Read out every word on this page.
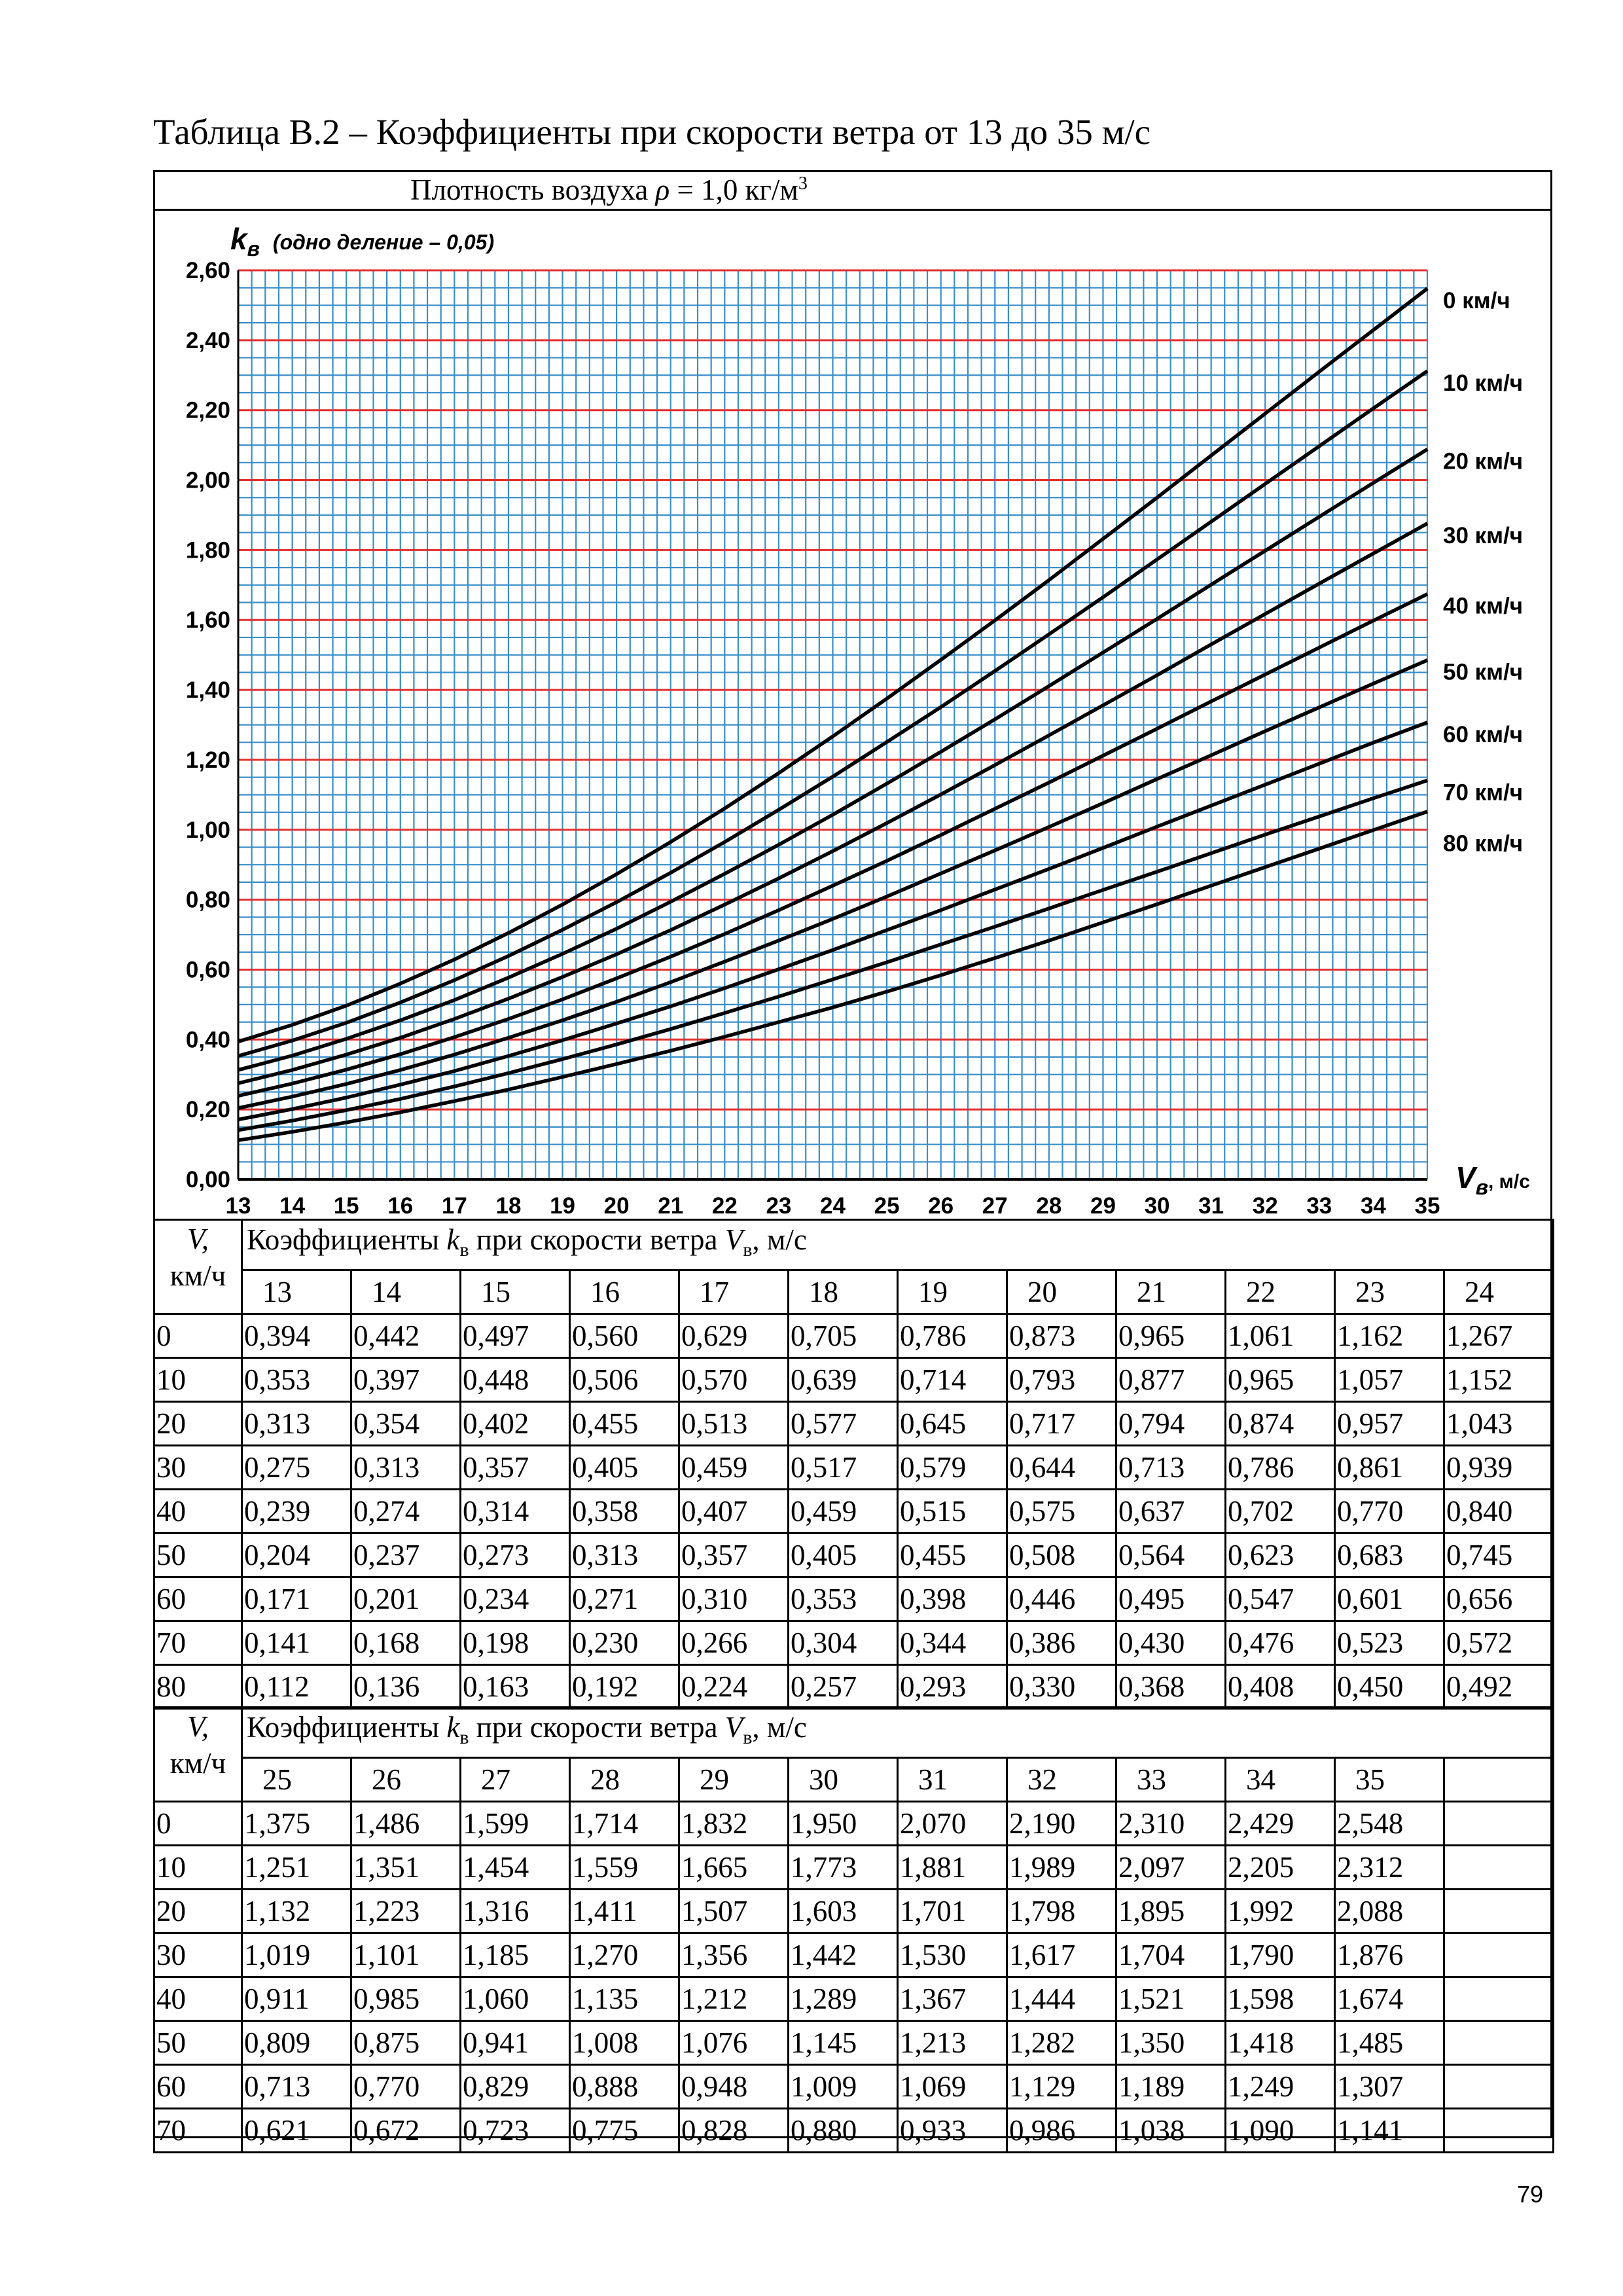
Таблица В.2 – Коэффициенты при скорости ветра от 13 до 35 м/с
Плотность воздуха ρ = 1,0 $кг/м^3$
0,00
0,20
0,40
0,60
0,80
1,00
1,20
1,40
1,60
1,80
2,00
2,20
2,40
2,60
13 14 15 16 17 18 19 20 21 22 23 24 25 26 27 28 29 30 31 32 33 34 35
0 км/ч
10 км/ч
20 км/ч
30 км/ч
40 км/ч
50 км/ч
60 км/ч
70 км/ч
80 км/ч
kв (одно деление – 0,05)
Vв, м/с
V,
км/ч	Коэффициенты $k_в$ при скорости ветра $V_в$, м/с											
	13	14	15	16	17	18	19	20	21	22	23	24
0	0,394	0,442	0,497	0,560	0,629	0,705	0,786	0,873	0,965	1,061	1,162	1,267
10	0,353	0,397	0,448	0,506	0,570	0,639	0,714	0,793	0,877	0,965	1,057	1,152
20	0,313	0,354	0,402	0,455	0,513	0,577	0,645	0,717	0,794	0,874	0,957	1,043
30	0,275	0,313	0,357	0,405	0,459	0,517	0,579	0,644	0,713	0,786	0,861	0,939
40	0,239	0,274	0,314	0,358	0,407	0,459	0,515	0,575	0,637	0,702	0,770	0,840
50	0,204	0,237	0,273	0,313	0,357	0,405	0,455	0,508	0,564	0,623	0,683	0,745
60	0,171	0,201	0,234	0,271	0,310	0,353	0,398	0,446	0,495	0,547	0,601	0,656
70	0,141	0,168	0,198	0,230	0,266	0,304	0,344	0,386	0,430	0,476	0,523	0,572
80	0,112	0,136	0,163	0,192	0,224	0,257	0,293	0,330	0,368	0,408	0,450	0,492
V,
км/ч	Коэффициенты $k_в$ при скорости ветра $V_в$, м/с											
	25	26	27	28	29	30	31	32	33	34	35	
0	1,375	1,486	1,599	1,714	1,832	1,950	2,070	2,190	2,310	2,429	2,548	
10	1,251	1,351	1,454	1,559	1,665	1,773	1,881	1,989	2,097	2,205	2,312	
20	1,132	1,223	1,316	1,411	1,507	1,603	1,701	1,798	1,895	1,992	2,088	
30	1,019	1,101	1,185	1,270	1,356	1,442	1,530	1,617	1,704	1,790	1,876	
40	0,911	0,985	1,060	1,135	1,212	1,289	1,367	1,444	1,521	1,598	1,674	
50	0,809	0,875	0,941	1,008	1,076	1,145	1,213	1,282	1,350	1,418	1,485	
60	0,713	0,770	0,829	0,888	0,948	1,009	1,069	1,129	1,189	1,249	1,307	
70	0,621	0,672	0,723	0,775	0,828	0,880	0,933	0,986	1,038	1,090	1,141	
79
